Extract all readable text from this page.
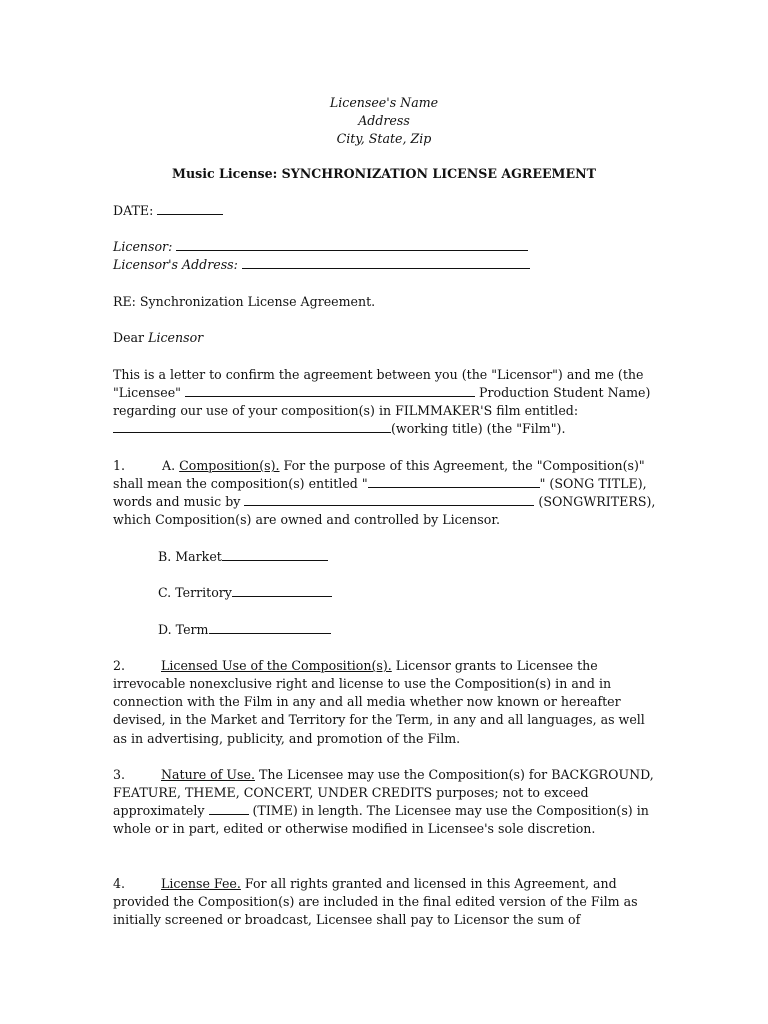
Licensee's Name
Address
City, State, Zip
Music License: SYNCHRONIZATION LICENSE AGREEMENT
DATE:
Licensor:
Licensor's Address:
RE: Synchronization License Agreement.
Dear Licensor
This is a letter to confirm the agreement between you (the "Licensor") and me (the
"Licensee"	Production Student Name)
regarding our use of your composition(s) in FILMMAKER'S film entitled:
(working title) (the "Film").
1.	A. Composition(s). For the purpose of this Agreement, the "Composition(s)"
shall mean the composition(s) entitled "	" (SONG TITLE),
words and music by	(SONGWRITERS),
which Composition(s) are owned and controlled by Licensor.
B. Market
C. Territory
D. Term
2.	Licensed Use of the Composition(s). Licensor grants to Licensee the
irrevocable nonexclusive right and license to use the Composition(s) in and in
connection with the Film in any and all media whether now known or hereafter
devised, in the Market and Territory for the Term, in any and all languages, as well
as in advertising, publicity, and promotion of the Film.
3.	Nature of Use. The Licensee may use the Composition(s) for BACKGROUND,
FEATURE, THEME, CONCERT, UNDER CREDITS purposes; not to exceed
approximately	(TIME) in length. The Licensee may use the Composition(s) in
whole or in part, edited or otherwise modified in Licensee's sole discretion.
4.	License Fee. For all rights granted and licensed in this Agreement, and
provided the Composition(s) are included in the final edited version of the Film as
initially screened or broadcast, Licensee shall pay to Licensor the sum of
